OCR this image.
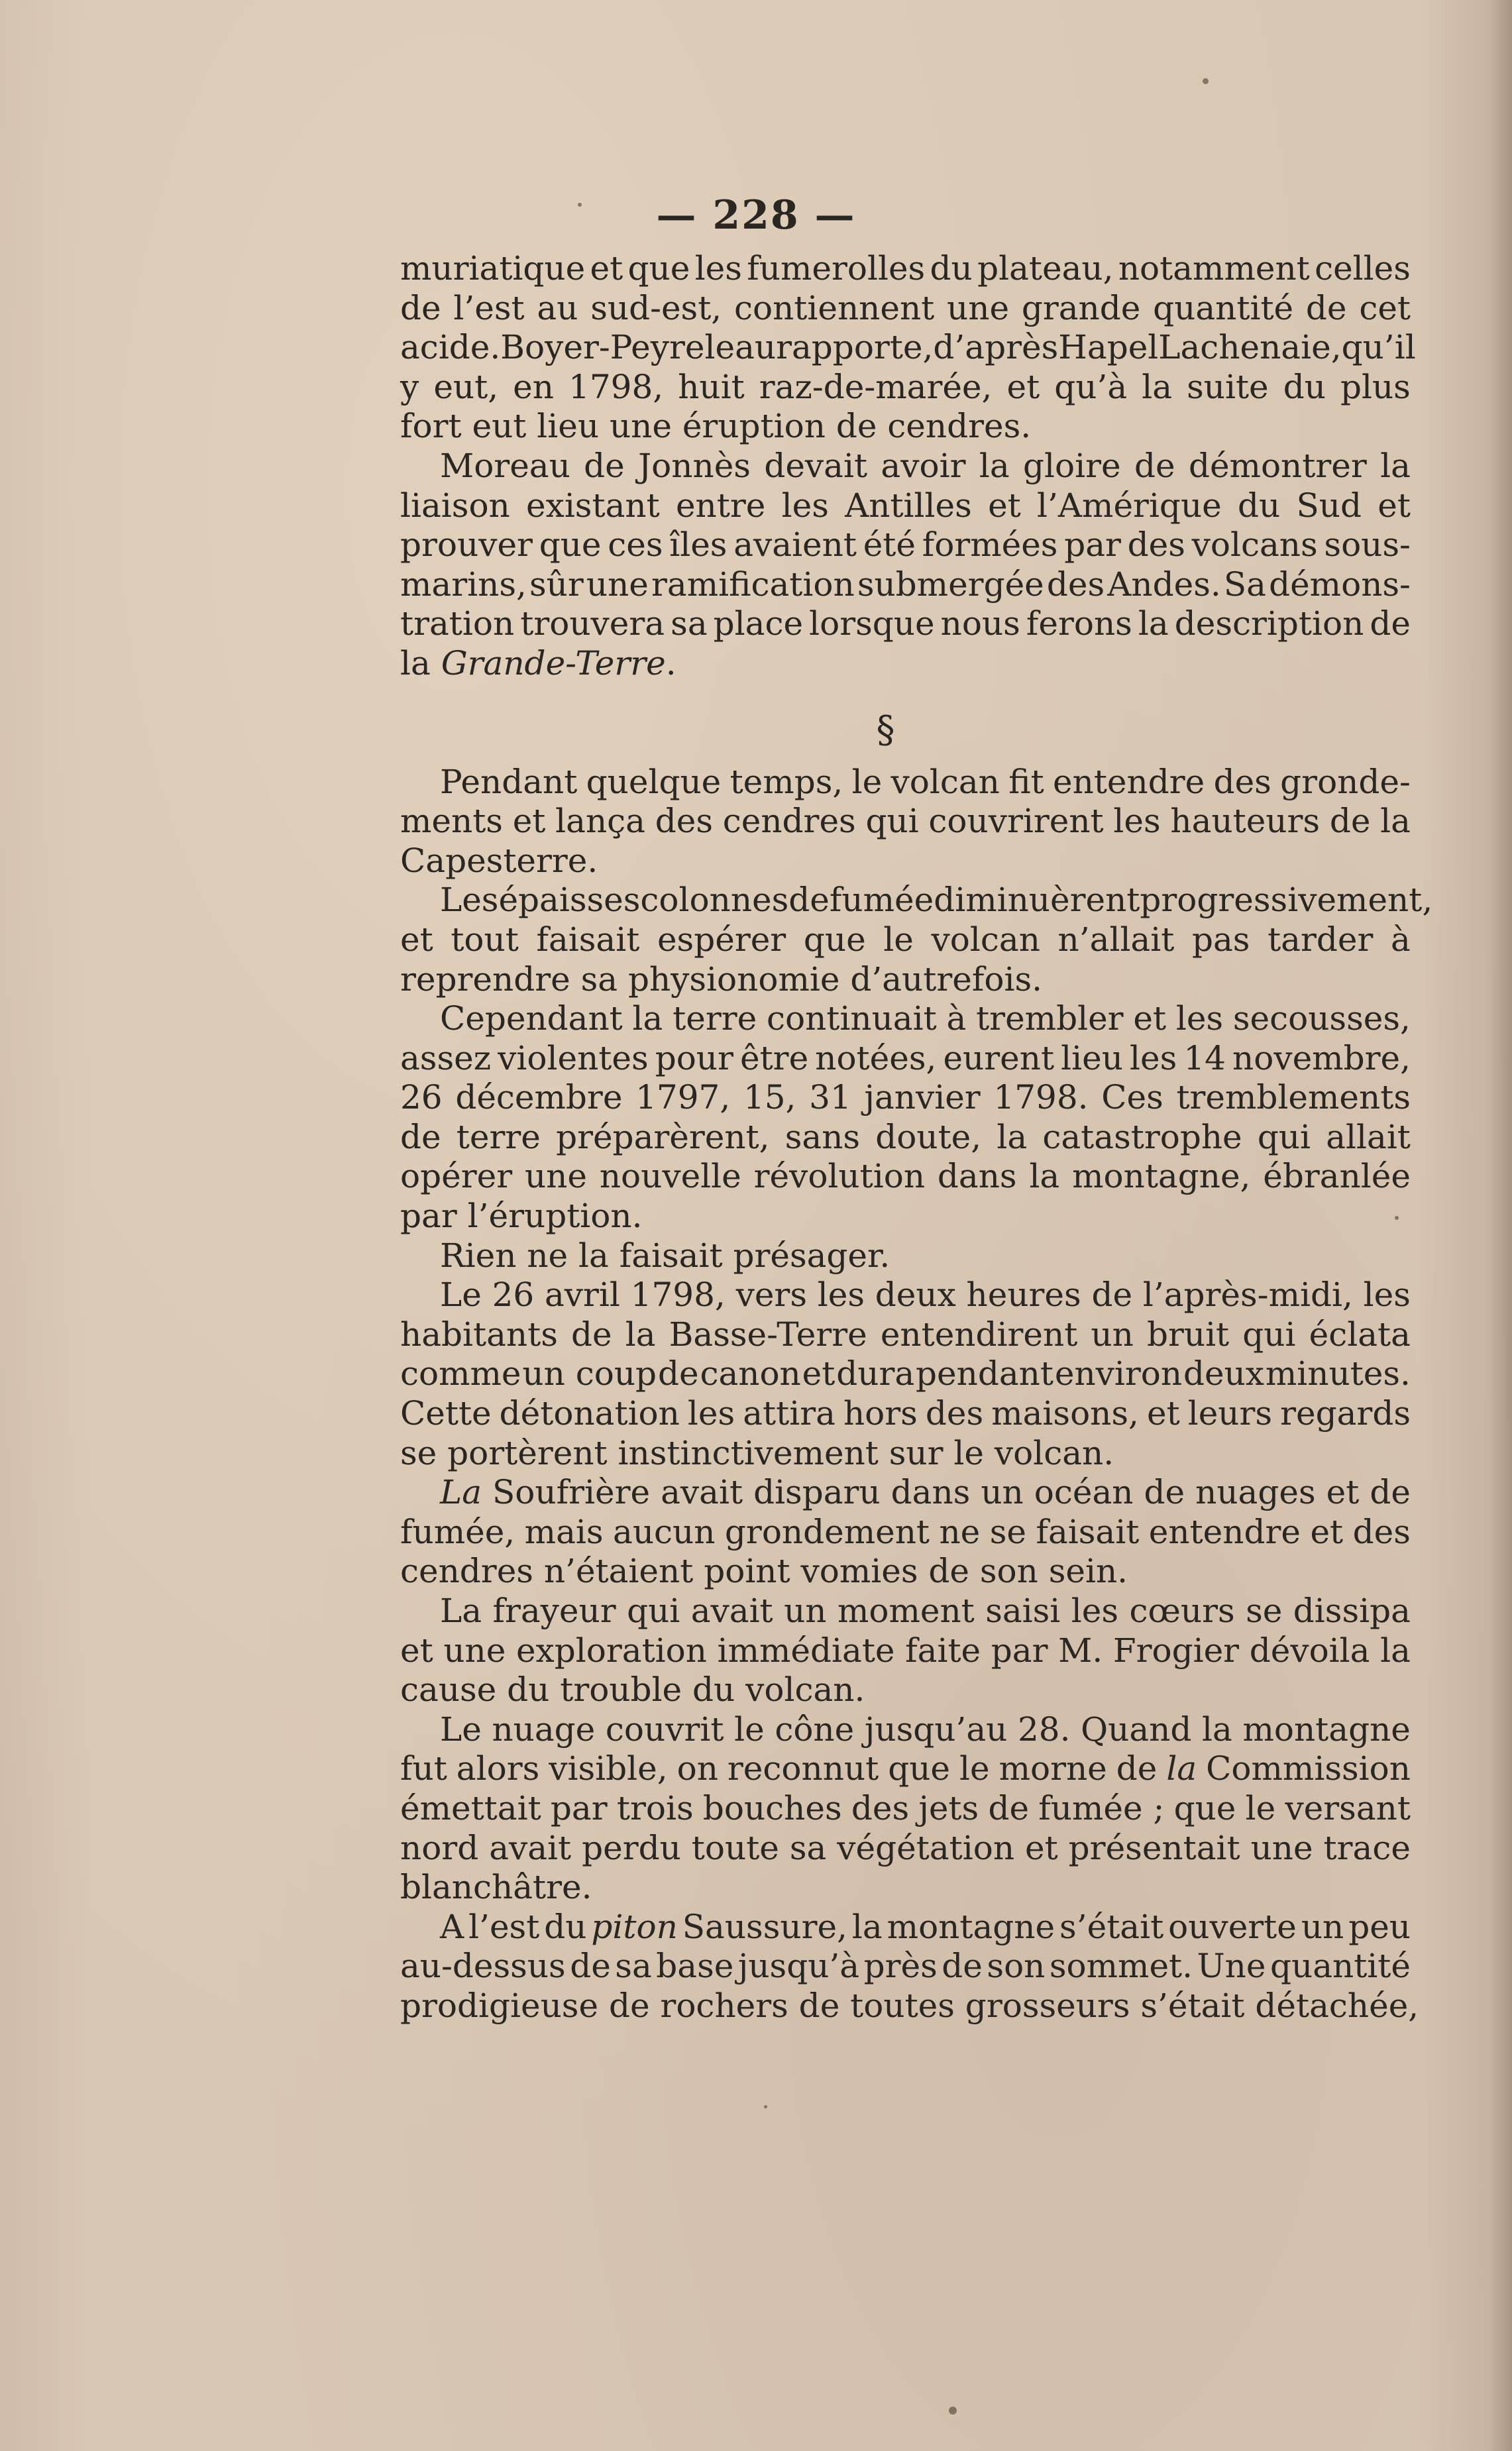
— 228 —
muriatique et que les fumerolles du plateau, notamment celles
de l’est au sud-est, contiennent une grande quantité de cet
acide. Boyer-Peyreleau rapporte, d’après Hapel Lachenaie, qu’il
y eut, en 1798, huit raz-de-marée, et qu’à la suite du plus
fort eut lieu une éruption de cendres.
Moreau de Jonnès devait avoir la gloire de démontrer la
liaison existant entre les Antilles et l’Amérique du Sud et
prouver que ces îles avaient été formées par des volcans sous-
marins, sûr une ramification submergée des Andes. Sa démons-
tration trouvera sa place lorsque nous ferons la description de
la Grande-Terre.
§
Pendant quelque temps, le volcan fit entendre des gronde-
ments et lança des cendres qui couvrirent les hauteurs de la
Capesterre.
Les épaisses colonnes de fumée diminuèrent progressivement,
et tout faisait espérer que le volcan n’allait pas tarder à
reprendre sa physionomie d’autrefois.
Cependant la terre continuait à trembler et les secousses,
assez violentes pour être notées, eurent lieu les 14 novembre,
26 décembre 1797, 15, 31 janvier 1798. Ces tremblements
de terre préparèrent, sans doute, la catastrophe qui allait
opérer une nouvelle révolution dans la montagne, ébranlée
par l’éruption.
Rien ne la faisait présager.
Le 26 avril 1798, vers les deux heures de l’après-midi, les
habitants de la Basse-Terre entendirent un bruit qui éclata
comme un coup de canon et dura pendant environ deux minutes.
Cette détonation les attira hors des maisons, et leurs regards
se portèrent instinctivement sur le volcan.
La Soufrière avait disparu dans un océan de nuages et de
fumée, mais aucun grondement ne se faisait entendre et des
cendres n’étaient point vomies de son sein.
La frayeur qui avait un moment saisi les cœurs se dissipa
et une exploration immédiate faite par M. Frogier dévoila la
cause du trouble du volcan.
Le nuage couvrit le cône jusqu’au 28. Quand la montagne
fut alors visible, on reconnut que le morne de la Commission
émettait par trois bouches des jets de fumée ; que le versant
nord avait perdu toute sa végétation et présentait une trace
blanchâtre.
A l’est du piton Saussure, la montagne s’était ouverte un peu
au-dessus de sa base jusqu’à près de son sommet. Une quantité
prodigieuse de rochers de toutes grosseurs s’était détachée,
